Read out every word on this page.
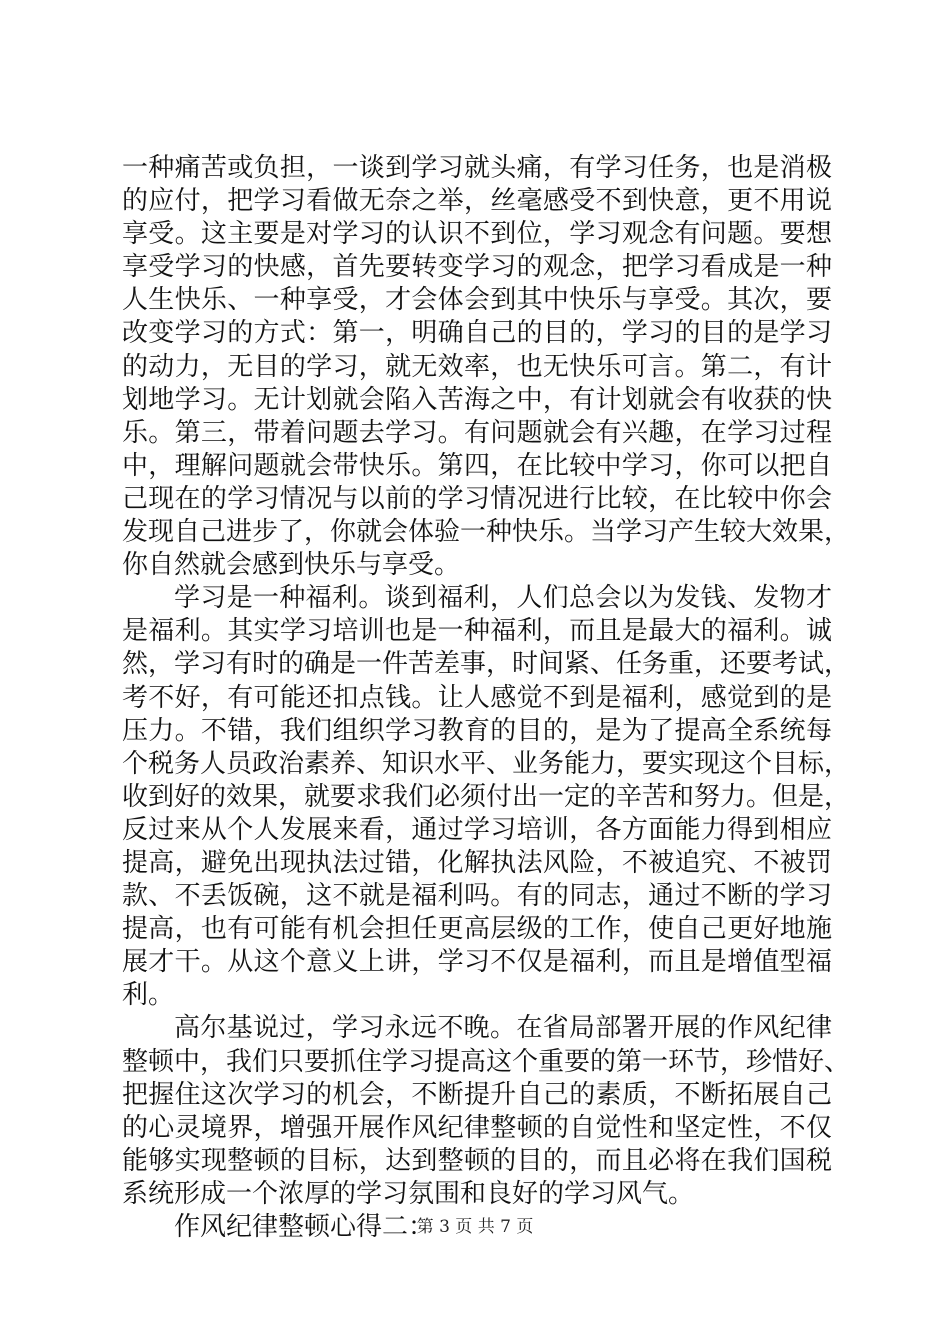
一种痛苦或负担，一谈到学习就头痛，有学习任务，也是消极
的应付，把学习看做无奈之举，丝毫感受不到快意，更不用说
享受。这主要是对学习的认识不到位，学习观念有问题。要想
享受学习的快感，首先要转变学习的观念，把学习看成是一种
人生快乐、一种享受，才会体会到其中快乐与享受。其次，要
改变学习的方式：第一，明确自己的目的，学习的目的是学习
的动力，无目的学习，就无效率，也无快乐可言。第二，有计
划地学习。无计划就会陷入苦海之中，有计划就会有收获的快
乐。第三，带着问题去学习。有问题就会有兴趣，在学习过程
中，理解问题就会带快乐。第四，在比较中学习，你可以把自
己现在的学习情况与以前的学习情况进行比较，在比较中你会
发现自己进步了，你就会体验一种快乐。当学习产生较大效果，
你自然就会感到快乐与享受。
学习是一种福利。谈到福利，人们总会以为发钱、发物才
是福利。其实学习培训也是一种福利，而且是最大的福利。诚
然，学习有时的确是一件苦差事，时间紧、任务重，还要考试，
考不好，有可能还扣点钱。让人感觉不到是福利，感觉到的是
压力。不错，我们组织学习教育的目的，是为了提高全系统每
个税务人员政治素养、知识水平、业务能力，要实现这个目标，
收到好的效果，就要求我们必须付出一定的辛苦和努力。但是，
反过来从个人发展来看，通过学习培训，各方面能力得到相应
提高，避免出现执法过错，化解执法风险，不被追究、不被罚
款、不丢饭碗，这不就是福利吗。有的同志，通过不断的学习
提高，也有可能有机会担任更高层级的工作，使自己更好地施
展才干。从这个意义上讲，学习不仅是福利，而且是增值型福
利。
高尔基说过，学习永远不晚。在省局部署开展的作风纪律
整顿中，我们只要抓住学习提高这个重要的第一环节，珍惜好、
把握住这次学习的机会，不断提升自己的素质，不断拓展自己
的心灵境界，增强开展作风纪律整顿的自觉性和坚定性，不仅
能够实现整顿的目标，达到整顿的目的，而且必将在我们国税
系统形成一个浓厚的学习氛围和良好的学习风气。
作风纪律整顿心得二：
第 3 页 共 7 页
